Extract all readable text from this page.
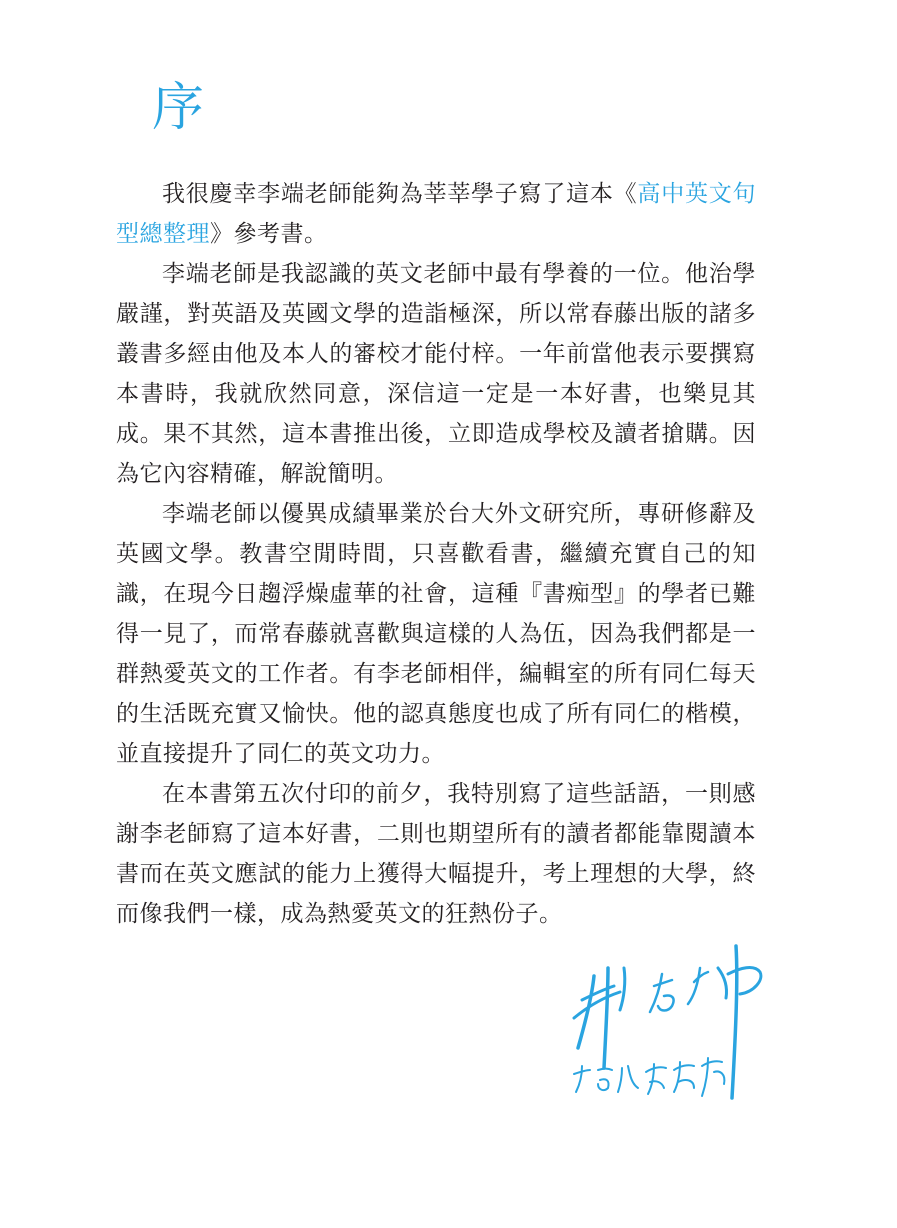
序

我很慶幸李端老師能夠為莘莘學子寫了這本《高中英文句型總整理》參考書。

李端老師是我認識的英文老師中最有學養的一位。他治學嚴謹，對英語及英國文學的造詣極深，所以常春藤出版的諸多叢書多經由他及本人的審校才能付梓。一年前當他表示要撰寫本書時，我就欣然同意，深信這一定是一本好書，也樂見其成。果不其然，這本書推出後，立即造成學校及讀者搶購。因為它內容精確，解說簡明。

李端老師以優異成績畢業於台大外文研究所，專研修辭及英國文學。教書空閒時間，只喜歡看書，繼續充實自己的知識，在現今日趨浮燥虛華的社會，這種『書痴型』的學者已難得一見了，而常春藤就喜歡與這樣的人為伍，因為我們都是一群熱愛英文的工作者。有李老師相伴，編輯室的所有同仁每天的生活既充實又愉快。他的認真態度也成了所有同仁的楷模，並直接提升了同仁的英文功力。

在本書第五次付印的前夕，我特別寫了這些話語，一則感謝李老師寫了這本好書，二則也期望所有的讀者都能靠閱讀本書而在英文應試的能力上獲得大幅提升，考上理想的大學，終而像我們一樣，成為熱愛英文的狂熱份子。
